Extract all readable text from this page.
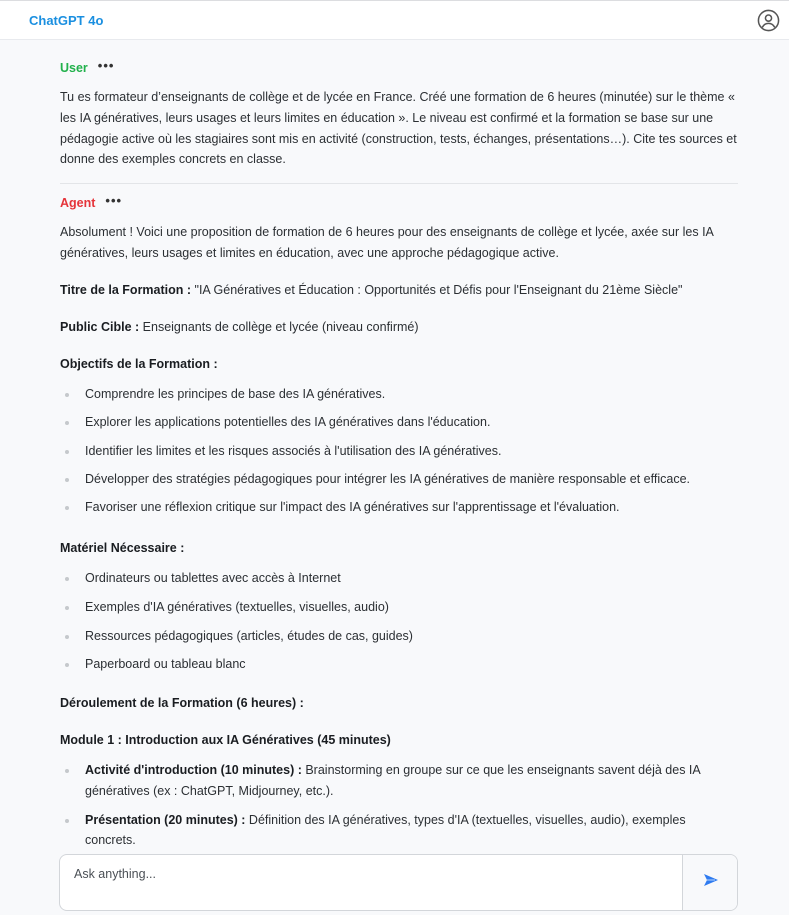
ChatGPT 4o
User •••
Tu es formateur d’enseignants de collège et de lycée en France. Créé une formation de 6 heures (minutée) sur le thème « les IA génératives, leurs usages et leurs limites en éducation ». Le niveau est confirmé et la formation se base sur une pédagogie active où les stagiaires sont mis en activité (construction, tests, échanges, présentations…). Cite tes sources et donne des exemples concrets en classe.
Agent •••
Absolument ! Voici une proposition de formation de 6 heures pour des enseignants de collège et lycée, axée sur les IA génératives, leurs usages et limites en éducation, avec une approche pédagogique active.
Titre de la Formation : "IA Génératives et Éducation : Opportunités et Défis pour l'Enseignant du 21ème Siècle"
Public Cible : Enseignants de collège et lycée (niveau confirmé)
Objectifs de la Formation :
Comprendre les principes de base des IA génératives.
Explorer les applications potentielles des IA génératives dans l'éducation.
Identifier les limites et les risques associés à l'utilisation des IA génératives.
Développer des stratégies pédagogiques pour intégrer les IA génératives de manière responsable et efficace.
Favoriser une réflexion critique sur l'impact des IA génératives sur l'apprentissage et l'évaluation.
Matériel Nécessaire :
Ordinateurs ou tablettes avec accès à Internet
Exemples d'IA génératives (textuelles, visuelles, audio)
Ressources pédagogiques (articles, études de cas, guides)
Paperboard ou tableau blanc
Déroulement de la Formation (6 heures) :
Module 1 : Introduction aux IA Génératives (45 minutes)
Activité d'introduction (10 minutes) : Brainstorming en groupe sur ce que les enseignants savent déjà des IA génératives (ex : ChatGPT, Midjourney, etc.).
Présentation (20 minutes) : Définition des IA génératives, types d'IA (textuelles, visuelles, audio), exemples concrets.
Ask anything...
